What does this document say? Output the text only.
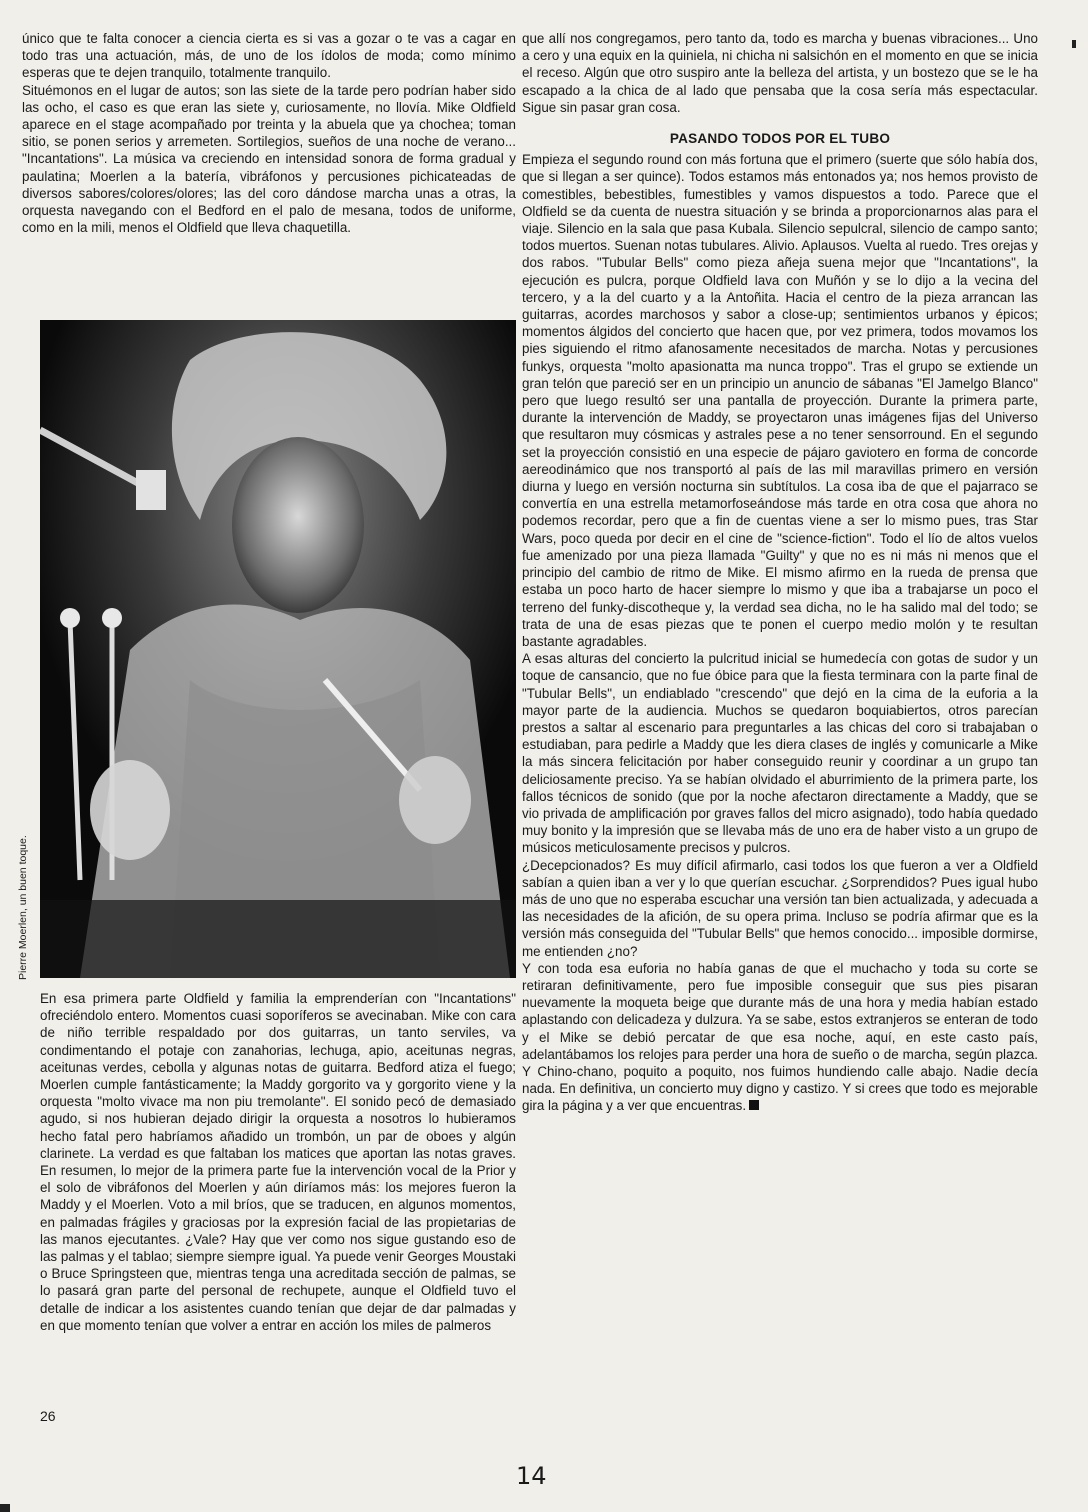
único que te falta conocer a ciencia cierta es si vas a gozar o te vas a cagar en todo tras una actuación, más, de uno de los ídolos de moda; como mínimo esperas que te dejen tranquilo, totalmente tranquilo.

Situémonos en el lugar de autos; son las siete de la tarde pero podrían haber sido las ocho, el caso es que eran las siete y, curiosamente, no llovía. Mike Oldfield aparece en el stage acompañado por treinta y la abuela que ya chochea; toman sitio, se ponen serios y arremeten. Sortilegios, sueños de una noche de verano... "Incantations". La música va creciendo en intensidad sonora de forma gradual y paulatina; Moerlen a la batería, vibráfonos y percusiones pichicateadas de diversos sabores/colores/olores; las del coro dándose marcha unas a otras, la orquesta navegando con el Bedford en el palo de mesana, todos de uniforme, como en la mili, menos el Oldfield que lleva chaquetilla.

Pierre Moerlen, un buen toque.

En esa primera parte Oldfield y familia la emprenderían con "Incantations" ofreciéndolo entero. Momentos cuasi soporíferos se avecinaban. Mike con cara de niño terrible respaldado por dos guitarras, un tanto serviles, va condimentando el potaje con zanahorias, lechuga, apio, aceitunas negras, aceitunas verdes, cebolla y algunas notas de guitarra. Bedford atiza el fuego; Moerlen cumple fantásticamente; la Maddy gorgorito va y gorgorito viene y la orquesta "molto vivace ma non piu tremolante". El sonido pecó de demasiado agudo, si nos hubieran dejado dirigir la orquesta a nosotros lo hubieramos hecho fatal pero habríamos añadido un trombón, un par de oboes y algún clarinete. La verdad es que faltaban los matices que aportan las notas graves. En resumen, lo mejor de la primera parte fue la intervención vocal de la Prior y el solo de vibráfonos del Moerlen y aún diríamos más: los mejores fueron la Maddy y el Moerlen. Voto a mil bríos, que se traducen, en algunos momentos, en palmadas frágiles y graciosas por la expresión facial de las propietarias de las manos ejecutantes. ¿Vale? Hay que ver como nos sigue gustando eso de las palmas y el tablao; siempre siempre igual. Ya puede venir Georges Moustaki o Bruce Springsteen que, mientras tenga una acreditada sección de palmas, se lo pasará gran parte del personal de rechupete, aunque el Oldfield tuvo el detalle de indicar a los asistentes cuando tenían que dejar de dar palmadas y en que momento tenían que volver a entrar en acción los miles de palmeros

que allí nos congregamos, pero tanto da, todo es marcha y buenas vibraciones... Uno a cero y una equix en la quiniela, ni chicha ni salsichón en el momento en que se inicia el receso. Algún que otro suspiro ante la belleza del artista, y un bostezo que se le ha escapado a la chica de al lado que pensaba que la cosa sería más espectacular. Sigue sin pasar gran cosa.

PASANDO TODOS POR EL TUBO

Empieza el segundo round con más fortuna que el primero (suerte que sólo había dos, que si llegan a ser quince). Todos estamos más entonados ya; nos hemos provisto de comestibles, bebestibles, fumestibles y vamos dispuestos a todo. Parece que el Oldfield se da cuenta de nuestra situación y se brinda a proporcionarnos alas para el viaje. Silencio en la sala que pasa Kubala. Silencio sepulcral, silencio de campo santo; todos muertos. Suenan notas tubulares. Alivio. Aplausos. Vuelta al ruedo. Tres orejas y dos rabos. "Tubular Bells" como pieza añeja suena mejor que "Incantations", la ejecución es pulcra, porque Oldfield lava con Muñón y se lo dijo a la vecina del tercero, y a la del cuarto y a la Antoñita. Hacia el centro de la pieza arrancan las guitarras, acordes marchosos y sabor a close-up; sentimientos urbanos y épicos; momentos álgidos del concierto que hacen que, por vez primera, todos movamos los pies siguiendo el ritmo afanosamente necesitados de marcha. Notas y percusiones funkys, orquesta "molto apasionatta ma nunca troppo". Tras el grupo se extiende un gran telón que pareció ser en un principio un anuncio de sábanas "El Jamelgo Blanco" pero que luego resultó ser una pantalla de proyección. Durante la primera parte, durante la intervención de Maddy, se proyectaron unas imágenes fijas del Universo que resultaron muy cósmicas y astrales pese a no tener sensorround. En el segundo set la proyección consistió en una especie de pájaro gaviotero en forma de concorde aereodinámico que nos transportó al país de las mil maravillas primero en versión diurna y luego en versión nocturna sin subtítulos. La cosa iba de que el pajarraco se convertía en una estrella metamorfoseándose más tarde en otra cosa que ahora no podemos recordar, pero que a fin de cuentas viene a ser lo mismo pues, tras Star Wars, poco queda por decir en el cine de "science-fiction". Todo el lío de altos vuelos fue amenizado por una pieza llamada "Guilty" y que no es ni más ni menos que el principio del cambio de ritmo de Mike. El mismo afirmo en la rueda de prensa que estaba un poco harto de hacer siempre lo mismo y que iba a trabajarse un poco el terreno del funky-discotheque y, la verdad sea dicha, no le ha salido mal del todo; se trata de una de esas piezas que te ponen el cuerpo medio molón y te resultan bastante agradables.

A esas alturas del concierto la pulcritud inicial se humedecía con gotas de sudor y un toque de cansancio, que no fue óbice para que la fiesta terminara con la parte final de "Tubular Bells", un endiablado "crescendo" que dejó en la cima de la euforia a la mayor parte de la audiencia. Muchos se quedaron boquiabiertos, otros parecían prestos a saltar al escenario para preguntarles a las chicas del coro si trabajaban o estudiaban, para pedirle a Maddy que les diera clases de inglés y comunicarle a Mike la más sincera felicitación por haber conseguido reunir y coordinar a un grupo tan deliciosamente preciso. Ya se habían olvidado el aburrimiento de la primera parte, los fallos técnicos de sonido (que por la noche afectaron directamente a Maddy, que se vio privada de amplificación por graves fallos del micro asignado), todo había quedado muy bonito y la impresión que se llevaba más de uno era de haber visto a un grupo de músicos meticulosamente precisos y pulcros.

¿Decepcionados? Es muy difícil afirmarlo, casi todos los que fueron a ver a Oldfield sabían a quien iban a ver y lo que querían escuchar. ¿Sorprendidos? Pues igual hubo más de uno que no esperaba escuchar una versión tan bien actualizada, y adecuada a las necesidades de la afición, de su opera prima. Incluso se podría afirmar que es la versión más conseguida del "Tubular Bells" que hemos conocido... imposible dormirse, me entienden ¿no?

Y con toda esa euforia no había ganas de que el muchacho y toda su corte se retiraran definitivamente, pero fue imposible conseguir que sus pies pisaran nuevamente la moqueta beige que durante más de una hora y media habían estado aplastando con delicadeza y dulzura. Ya se sabe, estos extranjeros se enteran de todo y el Mike se debió percatar de que esa noche, aquí, en este casto país, adelantábamos los relojes para perder una hora de sueño o de marcha, según plazca. Y Chino-chano, poquito a poquito, nos fuimos hundiendo calle abajo. Nadie decía nada. En definitiva, un concierto muy digno y castizo. Y si crees que todo es mejorable gira la página y a ver que encuentras.

26
14
